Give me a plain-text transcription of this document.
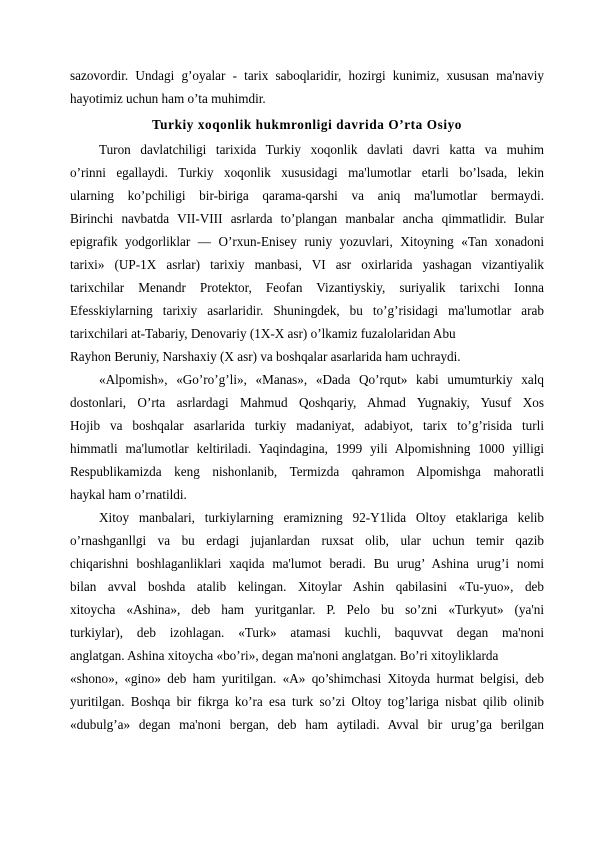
sazovordir. Undagi g’oyalar - tarix saboqlaridir, hozirgi kunimiz, xususan ma'naviy
hayotimiz uchun ham o’ta muhimdir.
Turkiy xoqonlik hukmronligi davrida O’rta Osiyo
Turon davlatchiligi tarixida Turkiy xoqonlik davlati davri katta va muhim
o’rinni egallaydi. Turkiy xoqonlik xususidagi ma'lumotlar etarli bo’lsada, lekin
ularning ko’pchiligi bir-biriga qarama-qarshi va aniq ma'lumotlar bermaydi.
Birinchi navbatda VII-VIII asrlarda to’plangan manbalar ancha qimmatlidir. Bular
epigrafik yodgorliklar — O’rxun-Enisey runiy yozuvlari, Xitoyning «Tan xonadoni
tarixi» (UP-1X asrlar) tarixiy manbasi, VI asr oxirlarida yashagan vizantiyalik
tarixchilar Menandr Protektor, Feofan Vizantiyskiy, suriyalik tarixchi Ionna
Efesskiylarning tarixiy asarlaridir. Shuningdek, bu to’g’risidagi ma'lumotlar arab
tarixchilari at-Tabariy, Denovariy (1X-X asr) o’lkamiz fuzalolaridan Abu
Rayhon Beruniy, Narshaxiy (X asr) va boshqalar asarlarida ham uchraydi.
«Alpomish», «Go’ro’g’li», «Manas», «Dada Qo’rqut» kabi umumturkiy xalq
dostonlari, O’rta asrlardagi Mahmud Qoshqariy, Ahmad Yugnakiy, Yusuf Xos
Hojib va boshqalar asarlarida turkiy madaniyat, adabiyot, tarix to’g’risida turli
himmatli ma'lumotlar keltiriladi. Yaqindagina, 1999 yili Alpomishning 1000 yilligi
Respublikamizda keng nishonlanib, Termizda qahramon Alpomishga mahoratli
haykal ham o’rnatildi.
Xitoy manbalari, turkiylarning eramizning 92-Y1lida Oltoy etaklariga kelib
o’rnashganllgi va bu erdagi jujanlardan ruxsat olib, ular uchun temir qazib
chiqarishni boshlaganliklari xaqida ma'lumot beradi. Bu urug’ Ashina urug’i nomi
bilan avval boshda atalib kelingan. Xitoylar Ashin qabilasini «Tu-yuo», deb
xitoycha «Ashina», deb ham yuritganlar. P. Pelo bu so’zni «Turkyut» (ya'ni
turkiylar), deb izohlagan. «Turk» atamasi kuchli, baquvvat degan ma'noni
anglatgan. Ashina xitoycha «bo’ri», degan ma'noni anglatgan. Bo’ri xitoyliklarda
«shono», «gino» deb ham yuritilgan. «A» qo’shimchasi Xitoyda hurmat belgisi, deb
yuritilgan. Boshqa bir fikrga ko’ra esa turk so’zi Oltoy tog’lariga nisbat qilib olinib
«dubulg’a» degan ma'noni bergan, deb ham aytiladi. Avval bir urug’ga berilgan
